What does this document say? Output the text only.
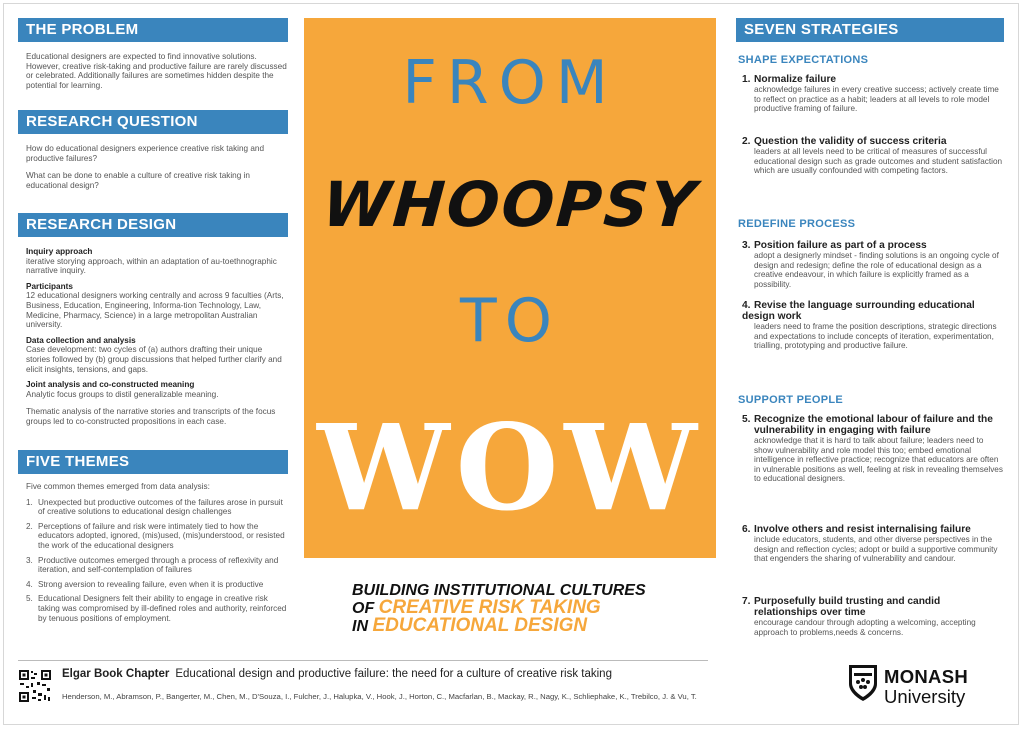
THE PROBLEM
Educational designers are expected to find innovative solutions. However, creative risk-taking and productive failure are rarely discussed or celebrated. Additionally failures are sometimes hidden despite the potential for learning.
RESEARCH QUESTION
How do educational designers experience creative risk taking and productive failures?
What can be done to enable a culture of creative risk taking in educational design?
RESEARCH DESIGN
Inquiry approach
iterative storying approach, within an adaptation of au-toethnographic narrative inquiry.
Participants
12 educational designers working centrally and across 9 faculties (Arts, Business, Education, Engineering, Informa-tion Technology, Law, Medicine, Pharmacy, Science) in a large metropolitan Australian university.
Data collection and analysis
Case development: two cycles of (a) authors drafting their unique stories followed by (b) group discussions that helped further clarify and elicit insights, tensions, and gaps.
Joint analysis and co-constructed meaning
Analytic focus groups to distil generalizable meaning.
Thematic analysis of the narrative stories and transcripts of the focus groups led to co-constructed propositions in each case.
FIVE THEMES
Five common themes emerged from data analysis:
1. Unexpected but productive outcomes of the failures arose in pursuit of creative solutions to educational design challenges
2. Perceptions of failure and risk were intimately tied to how the educators adopted, ignored, (mis)used, (mis)understood, or resisted the work of the educational designers
3. Productive outcomes emerged through a process of reflexivity and iteration, and self-contemplation of failures
4. Strong aversion to revealing failure, even when it is productive
5. Educational Designers felt their ability to engage in creative risk taking was compromised by ill-defined roles and authority, reinforced by tenuous positions of employment.
FROM
WHOOPSY
TO
WOW
BUILDING INSTITUTIONAL CULTURES
OF CREATIVE RISK TAKING
IN EDUCATIONAL DESIGN
SEVEN STRATEGIES
SHAPE EXPECTATIONS
1. Normalize failure
acknowledge failures in every creative success; actively create time to reflect on practice as a habit; leaders at all levels to role model productive framing of failure.
2. Question the validity of success criteria
leaders at all levels need to be critical of measures of successful educational design such as grade outcomes and student satisfaction which are usually confounded with competing factors.
REDEFINE PROCESS
3. Position failure as part of a process
adopt a designerly mindset - finding solutions is an ongoing cycle of design and redesign; define the role of educational design as a creative endeavour, in which failure is explicitly framed as a possibility.
4. Revise the language surrounding educational design work
leaders need to frame the position descriptions, strategic directions and expectations to include concepts of iteration, experimentation, trialling, prototyping and productive failure.
SUPPORT PEOPLE
5. Recognize the emotional labour of failure and the vulnerability in engaging with failure
acknowledge that it is hard to talk about failure; leaders need to show vulnerability and role model this too; embed emotional intelligence in reflective practice; recognize that educators are often in vulnerable positions as well, feeling at risk in revealing themselves to educational designers.
6. Involve others and resist internalising failure
include educators, students, and other diverse perspectives in the design and reflection cycles; adopt or build a supportive community that engenders the sharing of vulnerability and candour.
7. Purposefully build trusting and candid relationships over time
encourage candour through adopting a welcoming, accepting approach to problems,needs & concerns.
Elgar Book Chapter Educational design and productive failure: the need for a culture of creative risk taking
Henderson, M., Abramson, P., Bangerter, M., Chen, M., D'Souza, I., Fulcher, J., Halupka, V., Hook, J., Horton, C., Macfarlan, B., Mackay, R., Nagy, K., Schliephake, K., Trebilco, J. & Vu, T.
MONASH
University
